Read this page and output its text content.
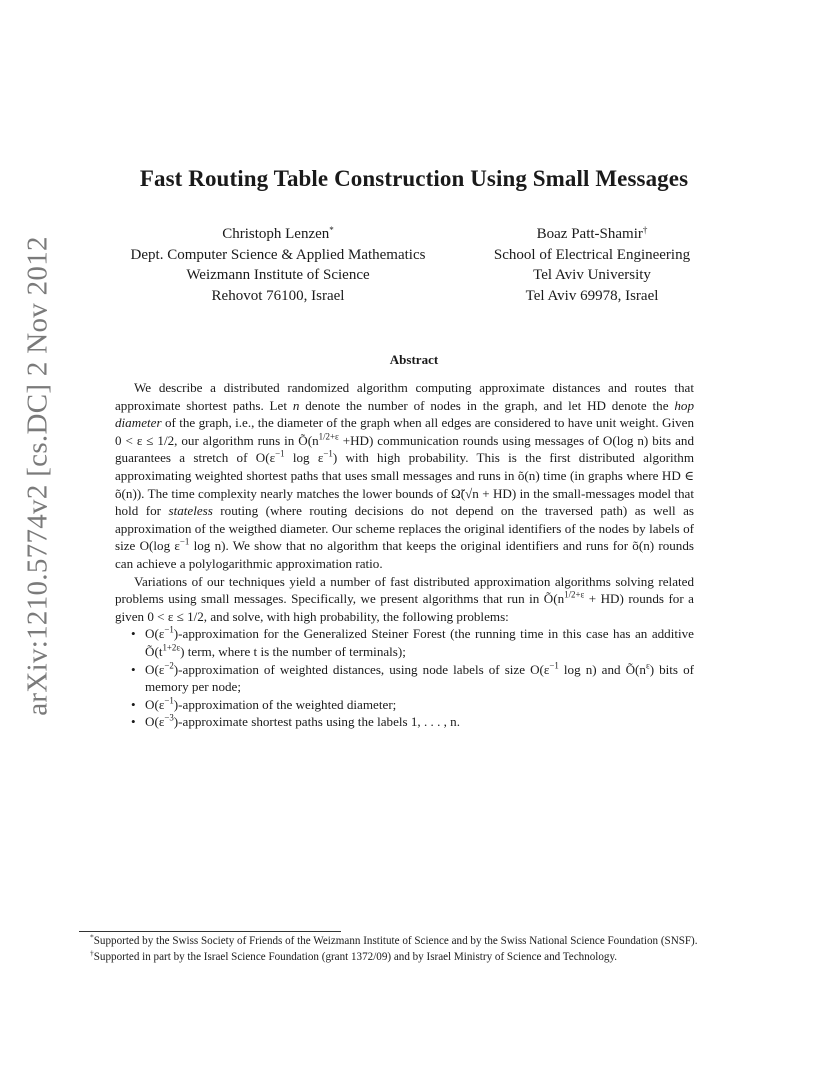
arXiv:1210.5774v2 [cs.DC] 2 Nov 2012
Fast Routing Table Construction Using Small Messages
Christoph Lenzen*
Dept. Computer Science & Applied Mathematics
Weizmann Institute of Science
Rehovot 76100, Israel
Boaz Patt-Shamir†
School of Electrical Engineering
Tel Aviv University
Tel Aviv 69978, Israel
Abstract

We describe a distributed randomized algorithm computing approximate distances and routes that approximate shortest paths. Let n denote the number of nodes in the graph, and let HD denote the hop diameter of the graph, i.e., the diameter of the graph when all edges are considered to have unit weight. Given 0 < ε ≤ 1/2, our algorithm runs in $Õ(n^{1/2+\varepsilon} +HD)$ communication rounds using messages of O(log n) bits and guarantees a stretch of $O(\varepsilon^{-1}$ $\log \varepsilon^{-1}$) with high probability. This is the first distributed algorithm approximating weighted shortest paths that uses small messages and runs in õ(n) time (in graphs where HD ∈ õ(n)). The time complexity nearly matches the lower bounds of Ω̃(√n + HD) in the small-messages model that hold for stateless routing (where routing decisions do not depend on the traversed path) as well as approximation of the weigthed diameter. Our scheme replaces the original identifiers of the nodes by labels of size O(log $\varepsilon^{-1}$ log n). We show that no algorithm that keeps the original identifiers and runs for õ(n) rounds can achieve a polylogarithmic approximation ratio.

Variations of our techniques yield a number of fast distributed approximation algorithms solving related problems using small messages. Specifically, we present algorithms that run in $Õ(n^{1/2+\varepsilon} + HD)$ rounds for a given 0 < ε ≤ 1/2, and solve, with high probability, the following problems:

• $O(\varepsilon^{-1})$-approximation for the Generalized Steiner Forest (the running time in this case has an additive $Õ(t^{1+2\varepsilon})$ term, where t is the number of terminals);
• $O(\varepsilon^{-2})$-approximation of weighted distances, using node labels of size $O(\varepsilon^{-1}$ log n) and $Õ(n^\varepsilon)$ bits of memory per node;
• $O(\varepsilon^{-1})$-approximation of the weighted diameter;
• $O(\varepsilon^{-3})$-approximate shortest paths using the labels 1, . . . , n.

*Supported by the Swiss Society of Friends of the Weizmann Institute of Science and by the Swiss National Science Foundation (SNSF).

†Supported in part by the Israel Science Foundation (grant 1372/09) and by Israel Ministry of Science and Technology.
